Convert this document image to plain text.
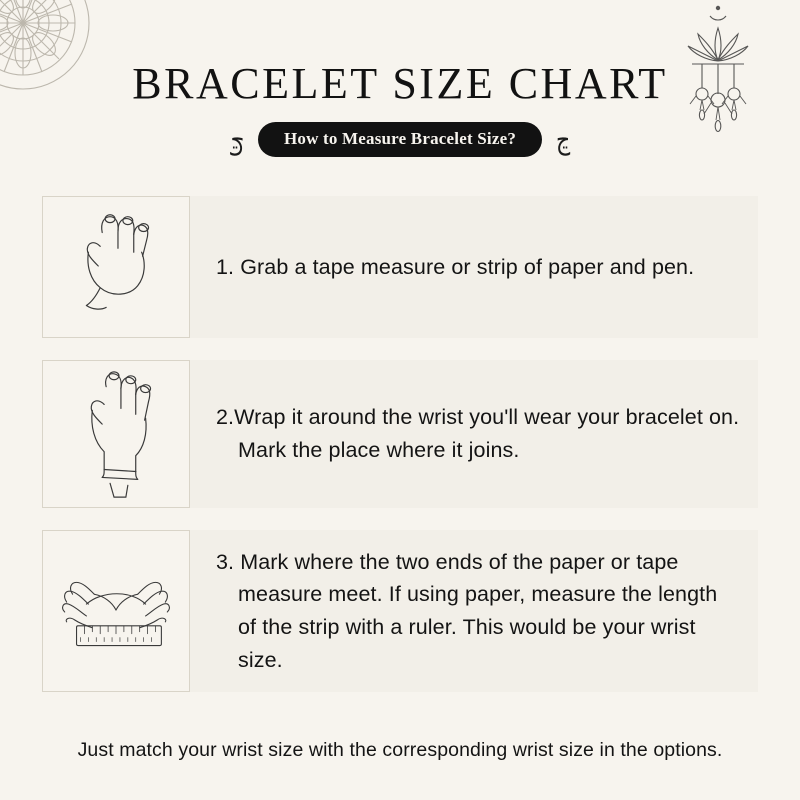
BRACELET SIZE CHART
ڃ	How to Measure Bracelet Size?	ڃ

1. Grab a tape measure or strip of paper and pen.

2.Wrap it around the wrist you'll wear your bracelet on. Mark the place where it joins.

3. Mark where the two ends of the paper or tape measure meet. If using paper, measure the length of the strip with a ruler. This would be your wrist size.

Just match your wrist size with the corresponding wrist size in the options.
